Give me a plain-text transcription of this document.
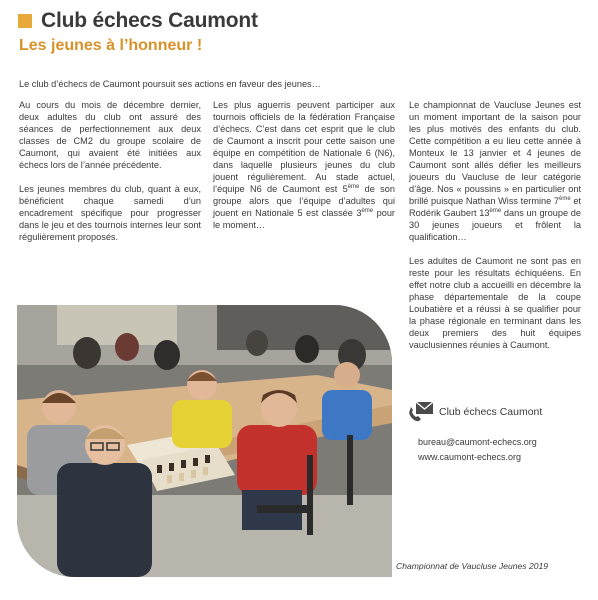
Club échecs Caumont
Les jeunes à l’honneur !
Le club d’échecs de Caumont poursuit ses actions en faveur des jeunes…

Au cours du mois de décembre dernier, deux adultes du club ont assuré des séances de perfectionnement aux deux classes de CM2 du groupe scolaire de Caumont, qui avaient été initiées aux échecs lors de l’année précédente.

Les jeunes membres du club, quant à eux, bénéficient chaque samedi d’un encadrement spécifique pour progresser dans le jeu et des tournois internes leur sont régulièrement proposés.

Les plus aguerris peuvent participer aux tournois officiels de la fédération Française d’échecs. C’est dans cet esprit que le club de Caumont a inscrit pour cette saison une équipe en compétition de Nationale 6 (N6), dans laquelle plusieurs jeunes du club jouent régulièrement. Au stade actuel, l’équipe N6 de Caumont est 5ème de son groupe alors que l’équipe d’adultes qui jouent en Nationale 5 est classée 3ème pour le moment…

Le championnat de Vaucluse Jeunes est un moment important de la saison pour les plus motivés des enfants du club. Cette compétition a eu lieu cette année à Monteux le 13 janvier et 4 jeunes de Caumont sont allés défier les meilleurs joueurs du Vaucluse de leur catégorie d’âge. Nos « poussins » en particulier ont brillé puisque Nathan Wiss termine 7ème et Rodérik Gaubert 13ème dans un groupe de 30 jeunes joueurs et frôlent la qualification…

Les adultes de Caumont ne sont pas en reste pour les résultats échiquéens. En effet notre club a accueilli en décembre la phase départementale de la coupe Loubatière et a réussi à se qualifier pour la phase régionale en terminant dans les deux premiers des huit équipes vauclusiennes réunies à Caumont.

Club échecs Caumont
bureau@caumont-echecs.org
www.caumont-echecs.org
Championnat de Vaucluse Jeunes 2019
